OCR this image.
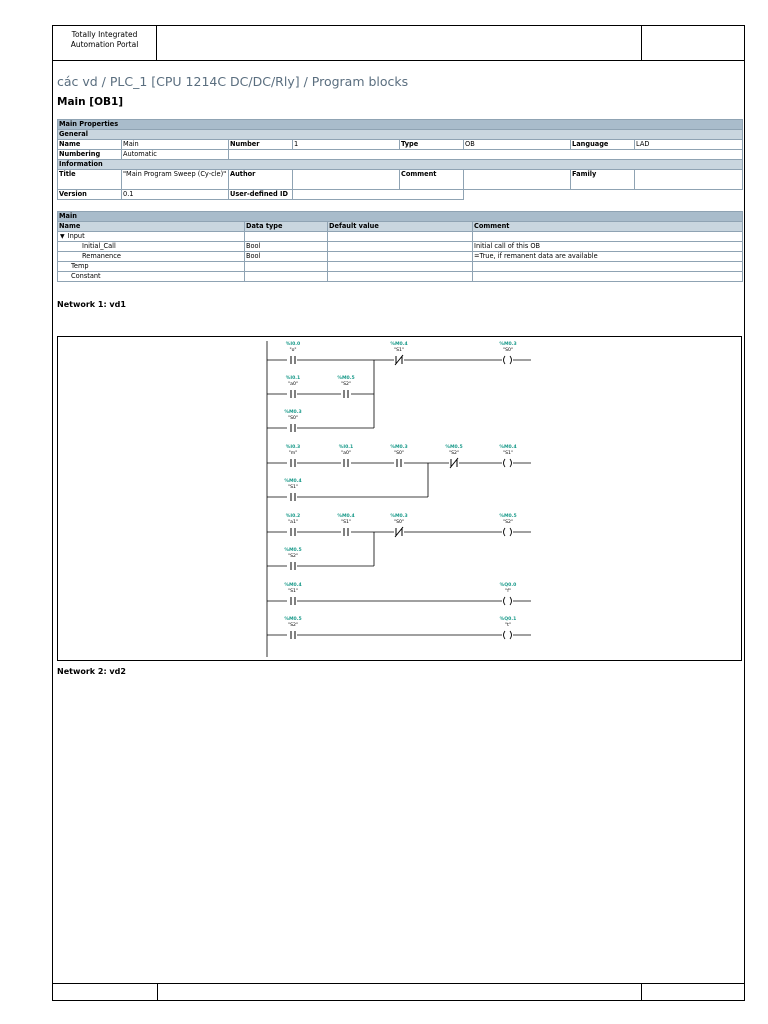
Totally Integrated
Automation Portal
các vd / PLC_1 [CPU 1214C DC/DC/Rly] / Program blocks
Main [OB1]
Main Properties							
General							
Name	Main	Number	1	Type	OB	Language	LAD
Numbering	Automatic						
Information							
Title	"Main Program Sweep (Cy-cle)"	Author		Comment		Family	
Version	0.1	User-defined ID					
Main			
Name	Data type	Default value	Comment
▼ Input			
Initial_Call	Bool		Initial call of this OB
Remanence	Bool		=True, if remanent data are available
Temp			
Constant			
Network 1: vd1
%I0.0
"o"
%M0.4
"S1"
%M0.3
"S0"
%I0.1
"a0"
%M0.5
"S2"
%M0.3
"S0"
%I0.3
"m"
%I0.1
"a0"
%M0.3
"S0"
%M0.5
"S2"
%M0.4
"S1"
%M0.4
"S1"
%I0.2
"a1"
%M0.4
"S1"
%M0.3
"S0"
%M0.5
"S2"
%M0.5
"S2"
%M0.4
"S1"
%Q0.0
"f"
%M0.5
"S2"
%Q0.1
"t"
Network 2: vd2
